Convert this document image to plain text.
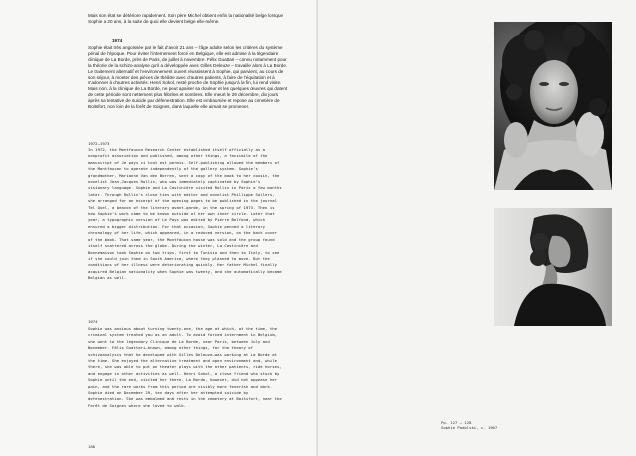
Mais son état se détériore rapidement. Son père Michel obtient enfin la nationalité belge lorsque Sophie a 20 ans, à la suite de quoi elle devient belge elle-même.

1974

Sophie était très angoissée par le fait d’avoir 21 ans – l’âge adulte selon les critères du système pénal de l’époque. Pour éviter l’internement forcé en Belgique, elle est admise à la légendaire clinique de La Borde, près de Paris, de juillet à novembre. Félix Guattari – connu notamment pour la théorie de la schizo-analyse qu’il a développée avec Gilles Deleuze – travaille alors à La Borde. Le traitement alternatif et l’environnement ouvert réussissent à Sophie, qui parvient, au cours de son séjour, à monter des pièces de théâtre avec d’autres patients, à faire de l’équitation et à s’adonner à d’autres activités. Henri Sokol, resté proche de Sophie jusqu’à la fin, lui rend visite. Mais non, à la clinique de La Borde, ne peut apaiser sa douleur et les quelques œuvres qui datent de cette période sont nettement plus fébriles et sombres. Elle meurt le 29 décembre, dix jours après sa tentative de suicide par défenestration. Elle est embaumée et repose au cimetière de Boitsfort, non loin de la forêt de Soignes, dans laquelle elle aimait se promener.

1972–1973

In 1972, the Montfaucon Research Center established itself officially as a nonprofit association and published, among other things, a facsimile of the manuscript of Je pays ci tout est permis. Self-publishing allowed the members of the Montfaucon to operate independently of the gallery system. Sophie’s grandmother, Marianne Van den Borren, sent a copy of the book to her cousin, the novelist Jean-Jacques Rollin, who was immediately captivated by Sophie’s visionary language. Sophie and La Castinière visited Rollin in Paris a few months later. Through Rollin’s close ties with editor and novelist Phillippe Sollers, she arranged for an excerpt of the opening pages to be published in the journal Tel Quel, a beacon of the literary avant-garde, in the spring of 1973. Then is how Sophie’s work came to be known outside of her own inner circle. Later that year, a typographic version of Le Pays was edited by Pierre Belfond, which ensured a bigger distribution. For that occasion, Sophie penned a literary chronology of her life, which appeared, in a reduced version, on the back cover of the book. That same year, the Montfaucon house was sold and the group found itself scattered across the globe. During the winter, La Castinière and Bonnemaison took Sophie on two trips, first to Tunisia and then to Italy, to see if she could join them in South America, where they planned to move. But the conditions of her illness were deteriorating quickly. Her father Michel finally acquired Belgian nationality when Sophie was twenty, and she automatically became Belgian as well.

1974

Sophie was anxious about turning twenty-one, the age at which, at the time, the criminal system treated you as an adult. To avoid forced internment in Belgium, she went to the legendary Clinique de La Borde, near Paris, between July and November. Félix Guattari—known, among other things, for the theory of schizoanalysis that he developed with Gilles Deleuze—was working at La Borde at the time. She enjoyed the alternative treatment and open environment and, while there, she was able to put on theater plays with the other patients, ride horses, and engage in other activities as well. Henri Sokol, a close friend who stuck by Sophie until the end, visited her there. La Borde, however, did not appease her pain, and the rare works from this period are visibly more feverish and dark. Sophie died on December 29, ten days after her attempted suicide by defenestration. She was embalmed and rests in the cemetery at Boitsfort, near the Forêt de Soignes where she loved to walk.

188
Pp. 127 – 128
Sophie Podolski, c. 1967
